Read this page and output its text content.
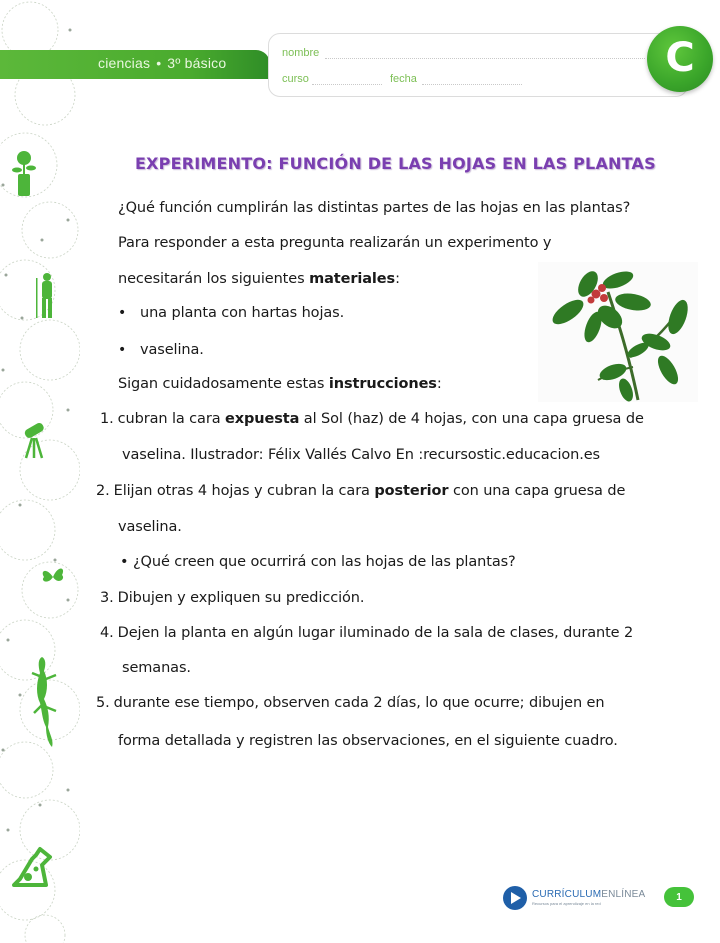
ciencias • 3º básico
nombre
curso	fecha	C
EXPERIMENTO: FUNCIÓN DE LAS HOJAS EN LAS PLANTAS
¿Qué función cumplirán las distintas partes de las hojas en las plantas?
Para responder a esta pregunta realizarán un experimento y
necesitarán los siguientes materiales:
• una planta con hartas hojas.
• vaselina.
Sigan cuidadosamente estas instrucciones:
1. cubran la cara expuesta al Sol (haz) de 4 hojas, con una capa gruesa de
vaselina. Ilustrador: Félix Vallés Calvo En :recursostic.educacion.es
2. Elijan otras 4 hojas y cubran la cara posterior con una capa gruesa de
vaselina.
• ¿Qué creen que ocurrirá con las hojas de las plantas?
3. Dibujen y expliquen su predicción.
4. Dejen la planta en algún lugar iluminado de la sala de clases, durante 2
semanas.
5. durante ese tiempo, observen cada 2 días, lo que ocurre; dibujen en
forma detallada y registren las observaciones, en el siguiente cuadro.
CURRÍCULUMENLÍNEA
Recursos para el aprendizaje en la red
1
